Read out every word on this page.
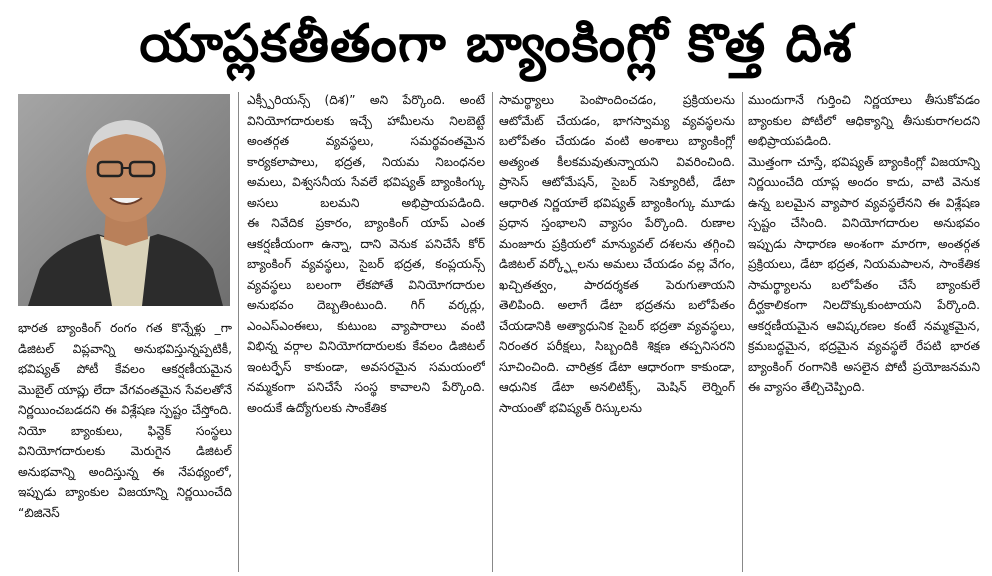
యాప్లకతీతంగా బ్యాంకింగ్లో కొత్త దిశ

భారత బ్యాంకింగ్ రంగం గత కొన్నేళ్లు _గా డిజిటల్ విప్లవాన్ని అనుభవిస్తున్నప్పటికీ, భవిష్యత్ పోటీ కేవలం ఆకర్షణీయమైన మొబైల్ యాప్లు లేదా వేగవంతమైన సేవలతోనే నిర్ణయించబడదని ఈ విశ్లేషణ స్పష్టం చేస్తోంది. నియో బ్యాంకులు, ఫిన్టెక్ సంస్థలు వినియోగదారులకు మెరుగైన డిజిటల్ అనుభవాన్ని అందిస్తున్న ఈ నేపథ్యంలో, ఇప్పుడు బ్యాంకుల విజయాన్ని నిర్ణయించేది “బిజినెస్

ఎక్స్పీరియన్స్ (దిశ)” అని పేర్కొంది. అంటే వినియోగదారులకు ఇచ్చే హామీలను నిలబెట్టే అంతర్గత వ్యవస్థలు, సమర్థవంతమైన కార్యకలాపాలు, భద్రత, నియమ నిబంధనల అమలు, విశ్వసనీయ సేవలే భవిష్యత్ బ్యాంకింగ్కు అసలు బలమని అభిప్రాయపడింది.

ఈ నివేదిక ప్రకారం, బ్యాంకింగ్ యాప్ ఎంత ఆకర్షణీయంగా ఉన్నా, దాని వెనుక పనిచేసే కోర్ బ్యాంకింగ్ వ్యవస్థలు, సైబర్ భద్రత, కంప్లయన్స్ వ్యవస్థలు బలంగా లేకపోతే వినియోగదారుల అనుభవం దెబ్బతింటుంది. గిగ్ వర్కర్లు, ఎంఎస్ఎంఈలు, కుటుంబ వ్యాపారాలు వంటి విభిన్న వర్గాల వినియోగదారులకు కేవలం డిజిటల్ ఇంటర్ఫేస్ కాకుండా, అవసరమైన సమయంలో నమ్మకంగా పనిచేసే సంస్థ కావాలని పేర్కొంది. అందుకే ఉద్యోగులకు సాంకేతిక

సామర్థ్యాలు పెంపొందించడం, ప్రక్రియలను ఆటోమేట్ చేయడం, భాగస్వామ్య వ్యవస్థలను బలోపేతం చేయడం వంటి అంశాలు బ్యాంకింగ్లో అత్యంత కీలకమవుతున్నాయని వివరించింది.

ప్రాసెస్ ఆటోమేషన్, సైబర్ సెక్యూరిటీ, డేటా ఆధారిత నిర్ణయాలే భవిష్యత్ బ్యాంకింగ్కు మూడు ప్రధాన స్తంభాలని వ్యాసం పేర్కొంది. రుణాల మంజూరు ప్రక్రియలో మాన్యువల్ దశలను తగ్గించి డిజిటల్ వర్క్ఫ్లోలను అమలు చేయడం వల్ల వేగం, ఖచ్చితత్వం, పారదర్శకత పెరుగుతాయని తెలిపింది. అలాగే డేటా భద్రతను బలోపేతం చేయడానికి అత్యాధునిక సైబర్ భద్రతా వ్యవస్థలు, నిరంతర పరీక్షలు, సిబ్బందికి శిక్షణ తప్పనిసరని సూచించింది. చారిత్రక డేటా ఆధారంగా కాకుండా, ఆధునిక డేటా అనలిటిక్స్, మెషిన్ లెర్నింగ్ సాయంతో భవిష్యత్ రిస్కులను

ముందుగానే గుర్తించి నిర్ణయాలు తీసుకోవడం బ్యాంకుల పోటీలో ఆధిక్యాన్ని తీసుకురాగలదని అభిప్రాయపడింది.

మొత్తంగా చూస్తే, భవిష్యత్ బ్యాంకింగ్లో విజయాన్ని నిర్ణయించేది యాప్ల అందం కాదు, వాటి వెనుక ఉన్న బలమైన వ్యాపార వ్యవస్థలేనని ఈ విశ్లేషణ స్పష్టం చేసింది. వినియోగదారుల అనుభవం ఇప్పుడు సాధారణ అంశంగా మారగా, అంతర్గత ప్రక్రియలు, డేటా భద్రత, నియమపాలన, సాంకేతిక సామర్థ్యాలను బలోపేతం చేసే బ్యాంకులే దీర్ఘకాలికంగా నిలదొక్కుకుంటాయని పేర్కొంది. ఆకర్షణీయమైన ఆవిష్కరణల కంటే నమ్మకమైన, క్రమబద్ధమైన, భద్రమైన వ్యవస్థలే రేపటి భారత బ్యాంకింగ్ రంగానికి అసలైన పోటీ ప్రయోజనమని ఈ వ్యాసం తేల్చిచెప్పింది.
